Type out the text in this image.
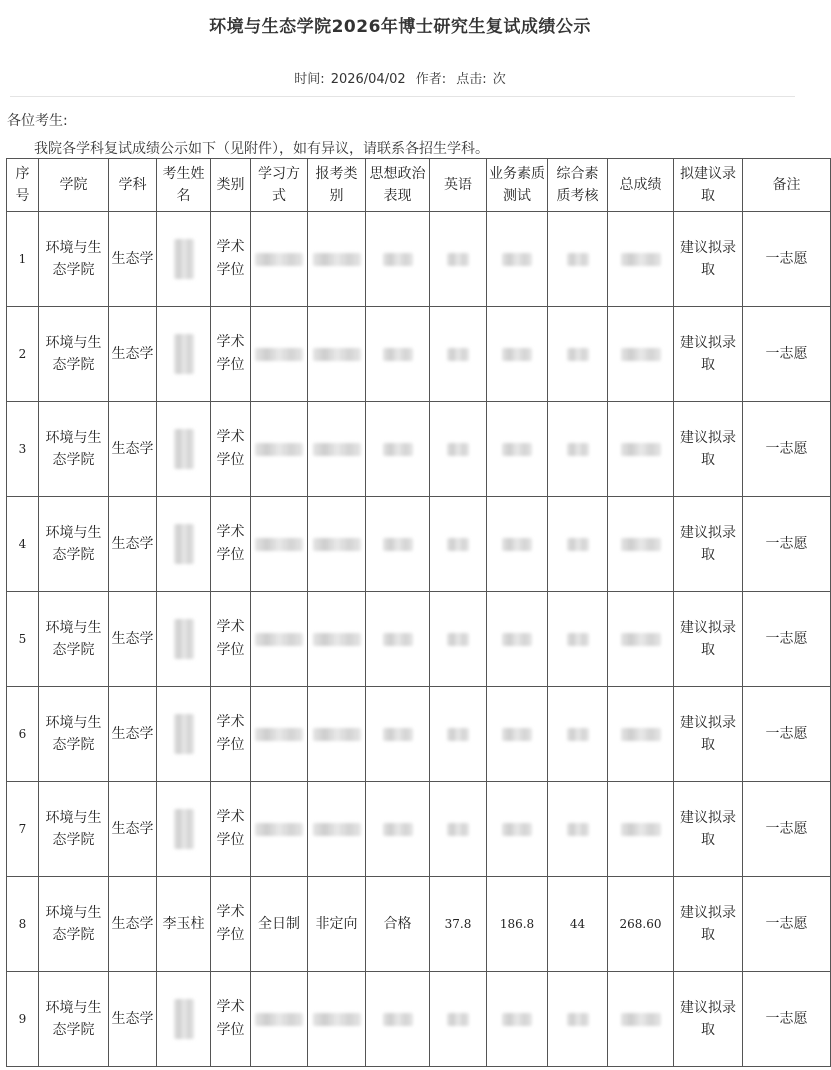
环境与生态学院2026年博士研究生复试成绩公示
时间: 2026/04/02 作者: 点击: 次
各位考生:
我院各学科复试成绩公示如下（见附件），如有异议，请联系各招生学科。
序号	学院	学科	考生姓名	类别	学习方式	报考类别	思想政治表现	英语	业务素质测试	综合素质考核	总成绩	拟建议录取	备注
1	环境与生态学院	生态学		学术学位								建议拟录取	一志愿
2	环境与生态学院	生态学		学术学位								建议拟录取	一志愿
3	环境与生态学院	生态学		学术学位								建议拟录取	一志愿
4	环境与生态学院	生态学		学术学位								建议拟录取	一志愿
5	环境与生态学院	生态学		学术学位								建议拟录取	一志愿
6	环境与生态学院	生态学		学术学位								建议拟录取	一志愿
7	环境与生态学院	生态学		学术学位								建议拟录取	一志愿
8	环境与生态学院	生态学	李玉柱	学术学位	全日制	非定向	合格	37.8	186.8	44	268.60	建议拟录取	一志愿
9	环境与生态学院	生态学		学术学位								建议拟录取	一志愿
